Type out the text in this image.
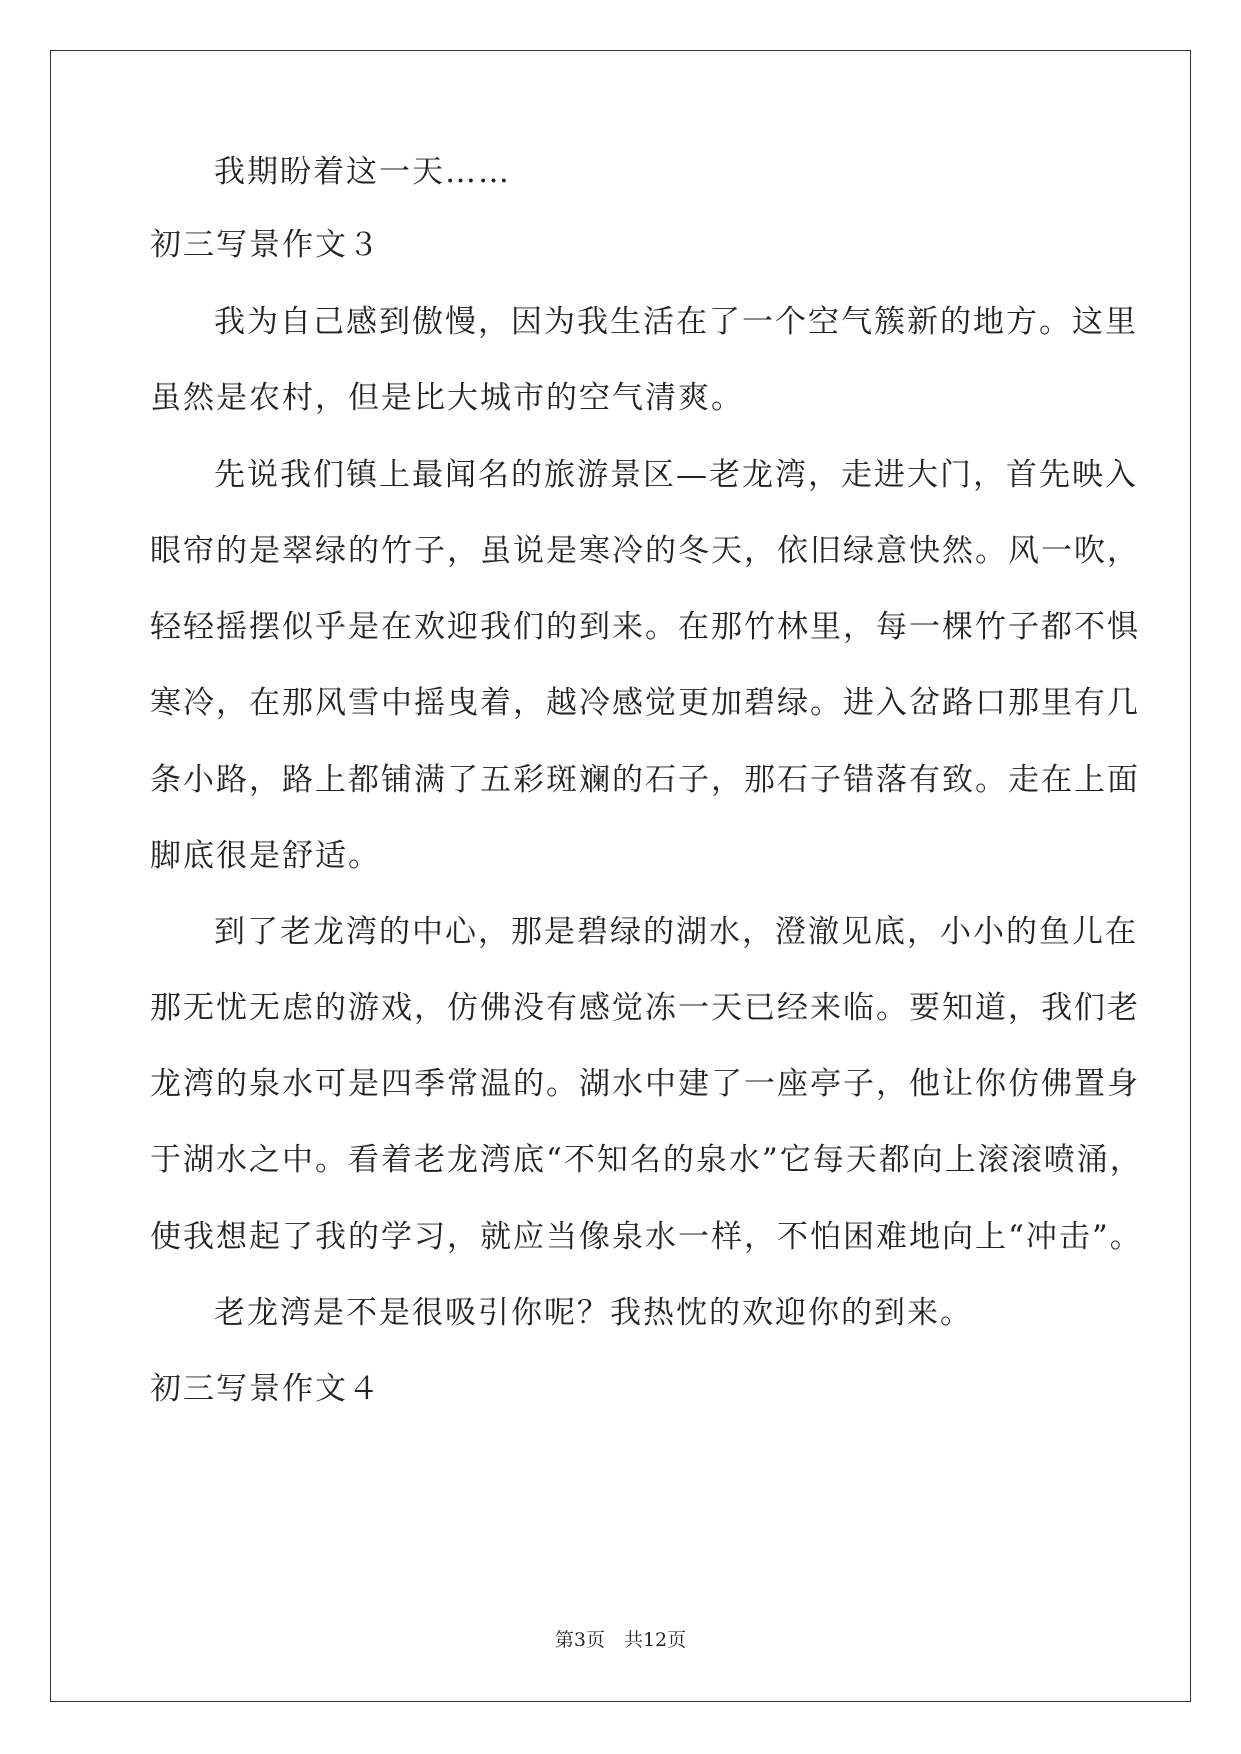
我期盼着这一天……
初三写景作文３
我为自己感到傲慢，因为我生活在了一个空气簇新的地方。这里
虽然是农村，但是比大城市的空气清爽。
先说我们镇上最闻名的旅游景区—老龙湾，走进大门，首先映入
眼帘的是翠绿的竹子，虽说是寒冷的冬天，依旧绿意快然。风一吹，
轻轻摇摆似乎是在欢迎我们的到来。在那竹林里，每一棵竹子都不惧
寒冷，在那风雪中摇曳着，越冷感觉更加碧绿。进入岔路口那里有几
条小路，路上都铺满了五彩斑斓的石子，那石子错落有致。走在上面
脚底很是舒适。
到了老龙湾的中心，那是碧绿的湖水，澄澈见底，小小的鱼儿在
那无忧无虑的游戏，仿佛没有感觉冻一天已经来临。要知道，我们老
龙湾的泉水可是四季常温的。湖水中建了一座亭子，他让你仿佛置身
于湖水之中。看着老龙湾底“不知名的泉水”它每天都向上滚滚喷涌，
使我想起了我的学习，就应当像泉水一样，不怕困难地向上“冲击”。
老龙湾是不是很吸引你呢？我热忱的欢迎你的到来。
初三写景作文４
第3页　共12页
